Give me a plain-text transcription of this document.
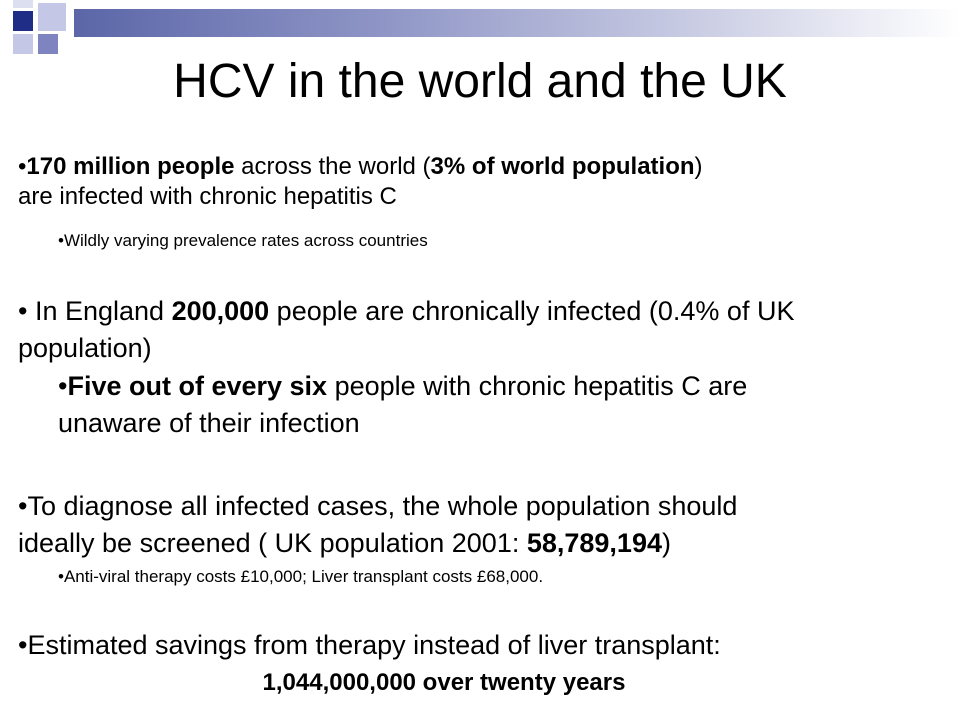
HCV in the world and the UK

•170 million people across the world (3% of world population)
are infected with chronic hepatitis C

•Wildly varying prevalence rates across countries

• In England 200,000 people are chronically infected (0.4% of UK
population)

•Five out of every six people with chronic hepatitis C are
unaware of their infection

•To diagnose all infected cases, the whole population should
ideally be screened ( UK population 2001: 58,789,194)

•Anti-viral therapy costs £10,000; Liver transplant costs £68,000.

•Estimated savings from therapy instead of liver transplant:

1,044,000,000 over twenty years
